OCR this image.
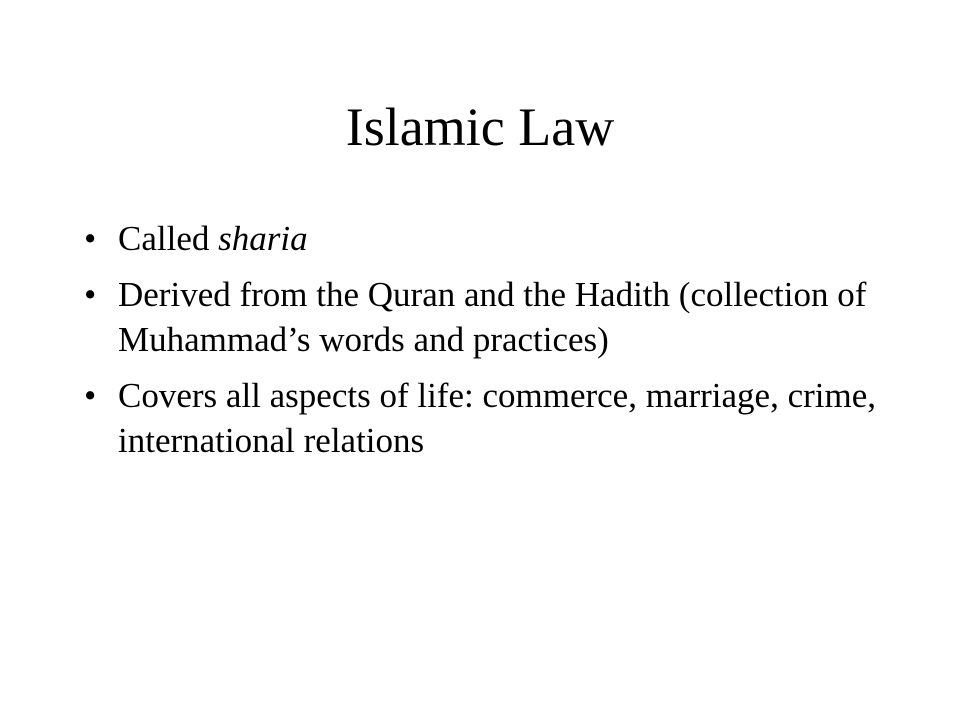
Islamic Law
• Called sharia
• Derived from the Quran and the Hadith (collection of Muhammad’s words and practices)
• Covers all aspects of life: commerce, marriage, crime, international relations
